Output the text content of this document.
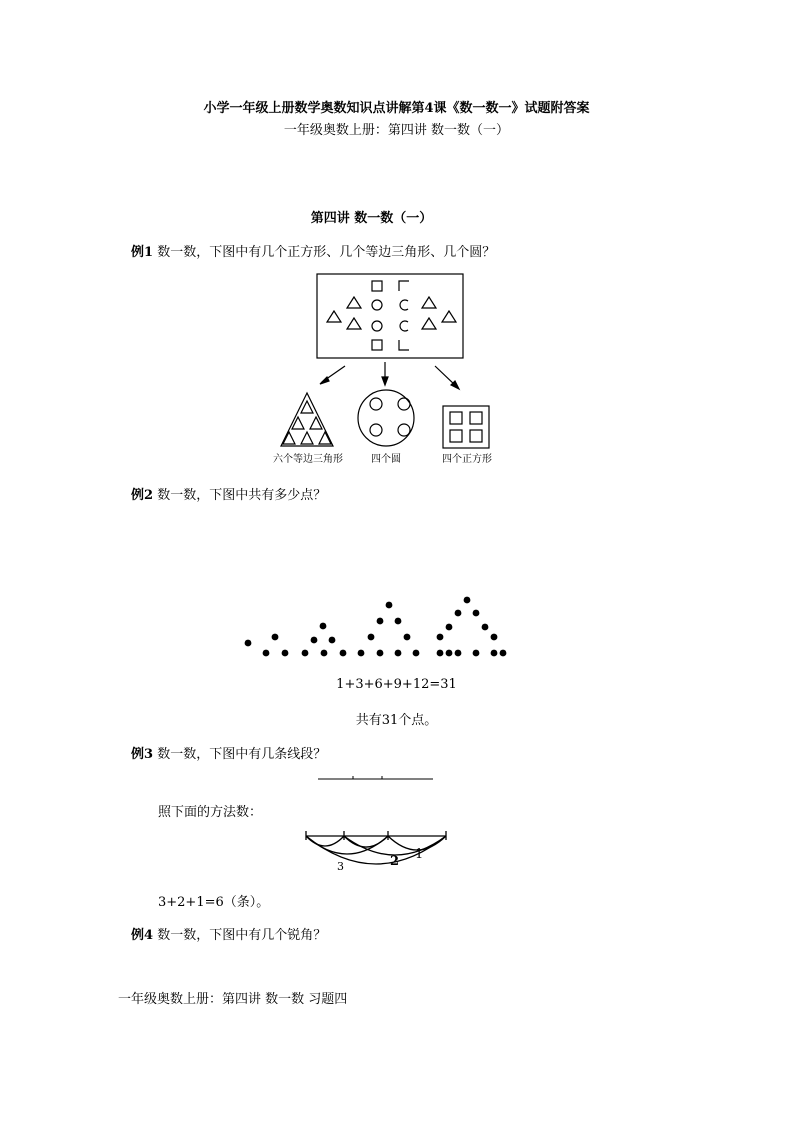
小学一年级上册数学奥数知识点讲解第4课《数一数一》试题附答案
一年级奥数上册：第四讲 数一数（一）
第四讲 数一数（一）
例1 数一数，下图中有几个正方形、几个等边三角形、几个圆？
六个等边三角形	四个圆	四个正方形
例2 数一数，下图中共有多少点？
1+3+6+9+12=31
共有31个点。
例3 数一数，下图中有几条线段？
照下面的方法数：
3	2 1
3+2+1=6（条）。
例4 数一数，下图中有几个锐角？
一年级奥数上册：第四讲 数一数 习题四
